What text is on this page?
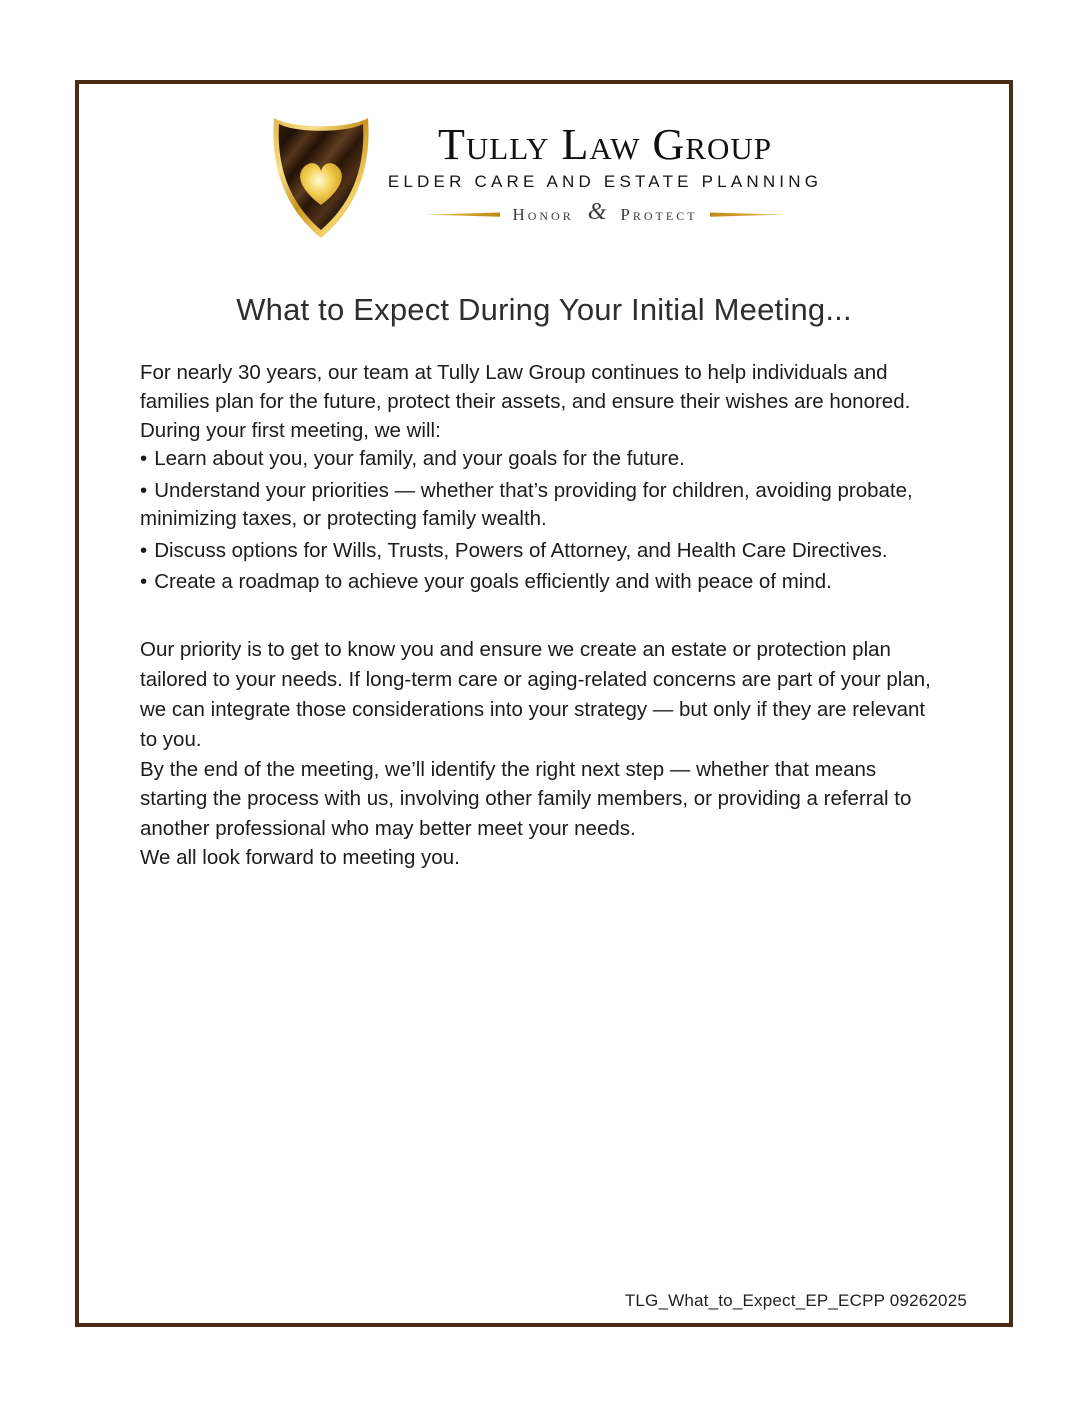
Tully Law Group
ELDER CARE AND ESTATE PLANNING
Honor & Protect
What to Expect During Your Initial Meeting...

For nearly 30 years, our team at Tully Law Group continues to help individuals and families plan for the future, protect their assets, and ensure their wishes are honored.

During your first meeting, we will:

• Learn about you, your family, and your goals for the future.
• Understand your priorities — whether that’s providing for children, avoiding probate, minimizing taxes, or protecting family wealth.
• Discuss options for Wills, Trusts, Powers of Attorney, and Health Care Directives.
• Create a roadmap to achieve your goals efficiently and with peace of mind.

Our priority is to get to know you and ensure we create an estate or protection plan tailored to your needs. If long-term care or aging-related concerns are part of your plan, we can integrate those considerations into your strategy — but only if they are relevant to you.

By the end of the meeting, we’ll identify the right next step — whether that means starting the process with us, involving other family members, or providing a referral to another professional who may better meet your needs.

We all look forward to meeting you.

TLG_What_to_Expect_EP_ECPP 09262025
